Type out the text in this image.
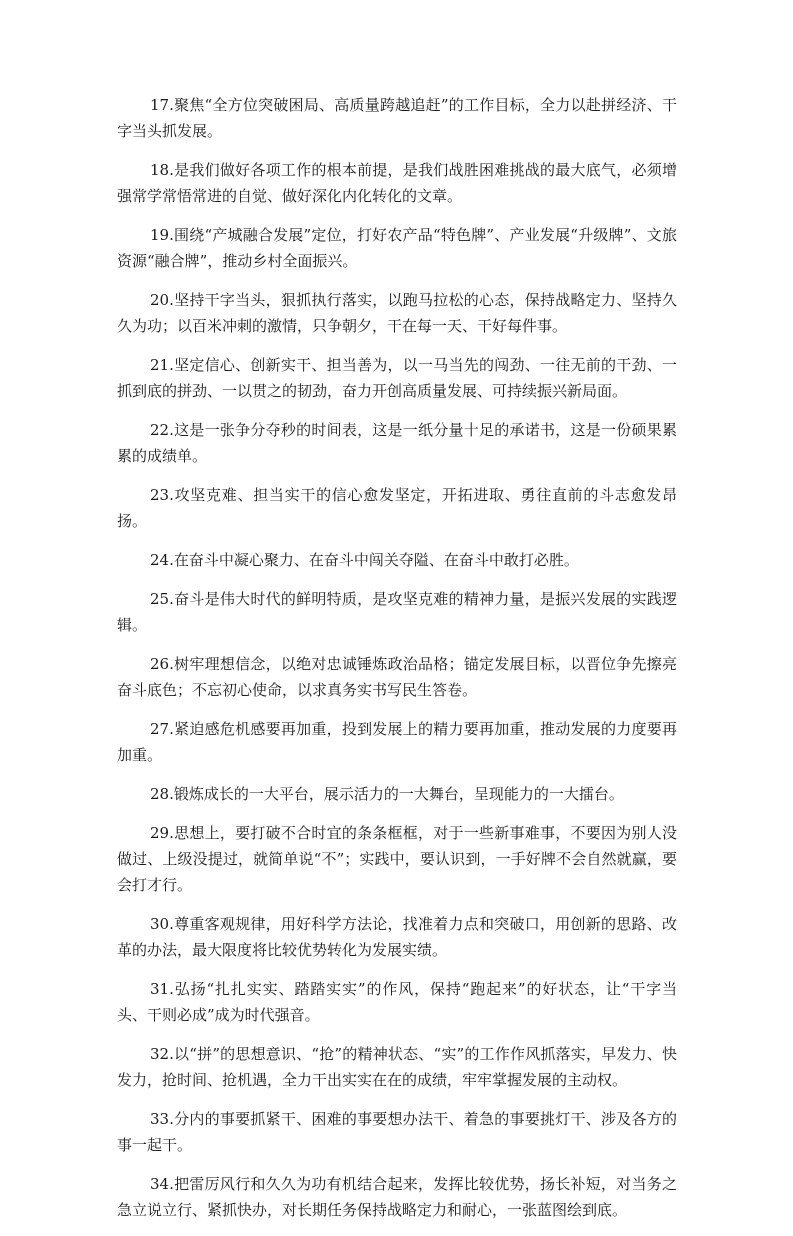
17.聚焦“全方位突破困局、高质量跨越追赶”的工作目标，全力以赴拼经济、干字当头抓发展。

18.是我们做好各项工作的根本前提，是我们战胜困难挑战的最大底气，必须增强常学常悟常进的自觉、做好深化内化转化的文章。

19.围绕“产城融合发展”定位，打好农产品“特色牌”、产业发展“升级牌”、文旅资源“融合牌”，推动乡村全面振兴。

20.坚持干字当头，狠抓执行落实，以跑马拉松的心态，保持战略定力、坚持久久为功；以百米冲刺的激情，只争朝夕，干在每一天、干好每件事。

21.坚定信心、创新实干、担当善为，以一马当先的闯劲、一往无前的干劲、一抓到底的拼劲、一以贯之的韧劲，奋力开创高质量发展、可持续振兴新局面。

22.这是一张争分夺秒的时间表，这是一纸分量十足的承诺书，这是一份硕果累累的成绩单。

23.攻坚克难、担当实干的信心愈发坚定，开拓进取、勇往直前的斗志愈发昂扬。

24.在奋斗中凝心聚力、在奋斗中闯关夺隘、在奋斗中敢打必胜。

25.奋斗是伟大时代的鲜明特质，是攻坚克难的精神力量，是振兴发展的实践逻辑。

26.树牢理想信念，以绝对忠诚锤炼政治品格；锚定发展目标，以晋位争先擦亮奋斗底色；不忘初心使命，以求真务实书写民生答卷。

27.紧迫感危机感要再加重，投到发展上的精力要再加重，推动发展的力度要再加重。

28.锻炼成长的一大平台，展示活力的一大舞台，呈现能力的一大擂台。

29.思想上，要打破不合时宜的条条框框，对于一些新事难事，不要因为别人没做过、上级没提过，就简单说“不”；实践中，要认识到，一手好牌不会自然就赢，要会打才行。

30.尊重客观规律，用好科学方法论，找准着力点和突破口，用创新的思路、改革的办法，最大限度将比较优势转化为发展实绩。

31.弘扬“扎扎实实、踏踏实实”的作风，保持“跑起来”的好状态，让“干字当头、干则必成”成为时代强音。

32.以“拼”的思想意识、“抢”的精神状态、“实”的工作作风抓落实，早发力、快发力，抢时间、抢机遇，全力干出实实在在的成绩，牢牢掌握发展的主动权。

33.分内的事要抓紧干、困难的事要想办法干、着急的事要挑灯干、涉及各方的事一起干。

34.把雷厉风行和久久为功有机结合起来，发挥比较优势，扬长补短，对当务之急立说立行、紧抓快办，对长期任务保持战略定力和耐心，一张蓝图绘到底。
